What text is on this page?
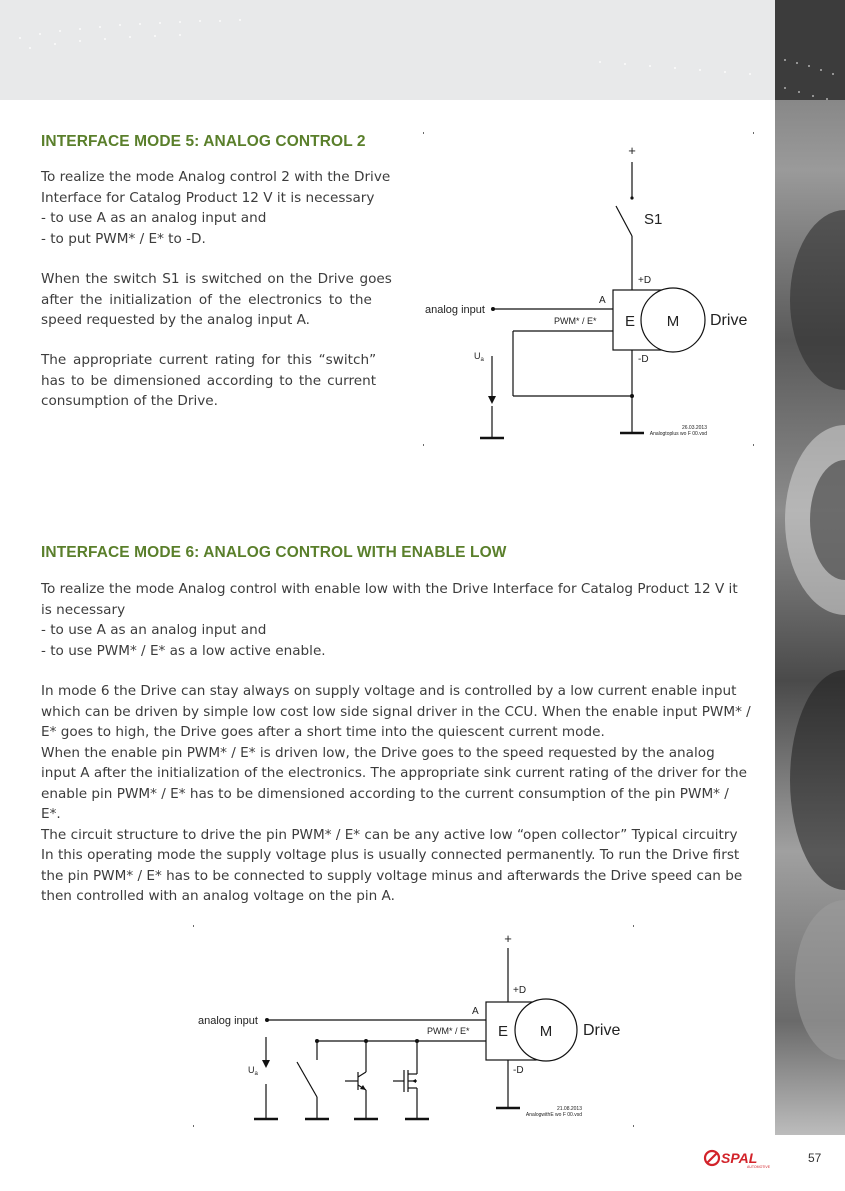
INTERFACE MODE 5: ANALOG CONTROL 2

To realize the mode Analog control 2 with the Drive
Interface for Catalog Product 12 V it is necessary
- to use A as an analog input and
- to put PWM* / E* to -D.

When the switch S1 is switched on the Drive goes
after the initialization of the electronics to the
speed requested by the analog input A.

The appropriate current rating for this “switch”
has to be dimensioned according to the current
consumption of the Drive.

+
S1
+D
-D
A
analog input
PWM* / E* E M Drive
$U_a$
26.03.2013
Analogtoplus wo F 00.vsd
INTERFACE MODE 6: ANALOG CONTROL WITH ENABLE LOW

To realize the mode Analog control with enable low with the Drive Interface for Catalog Product 12 V it
is necessary
- to use A as an analog input and
- to use PWM* / E* as a low active enable.

In mode 6 the Drive can stay always on supply voltage and is controlled by a low current enable input
which can be driven by simple low cost low side signal driver in the CCU. When the enable input PWM* /
E* goes to high, the Drive goes after a short time into the quiescent current mode.
When the enable pin PWM* / E* is driven low, the Drive goes to the speed requested by the analog
input A after the initialization of the electronics. The appropriate sink current rating of the driver for the
enable pin PWM* / E* has to be dimensioned according to the current consumption of the pin PWM* /
E*.
The circuit structure to drive the pin PWM* / E* can be any active low “open collector” Typical circuitry
In this operating mode the supply voltage plus is usually connected permanently. To run the Drive first
the pin PWM* / E* has to be connected to supply voltage minus and afterwards the Drive speed can be
then controlled with an analog voltage on the pin A.

+
+D
-D
A
analog input
PWM* / E* E M Drive
$U_a$
21.08.2013
AnalogwithE wo F 00.vsd
SPAL
AUTOMOTIVE
57
